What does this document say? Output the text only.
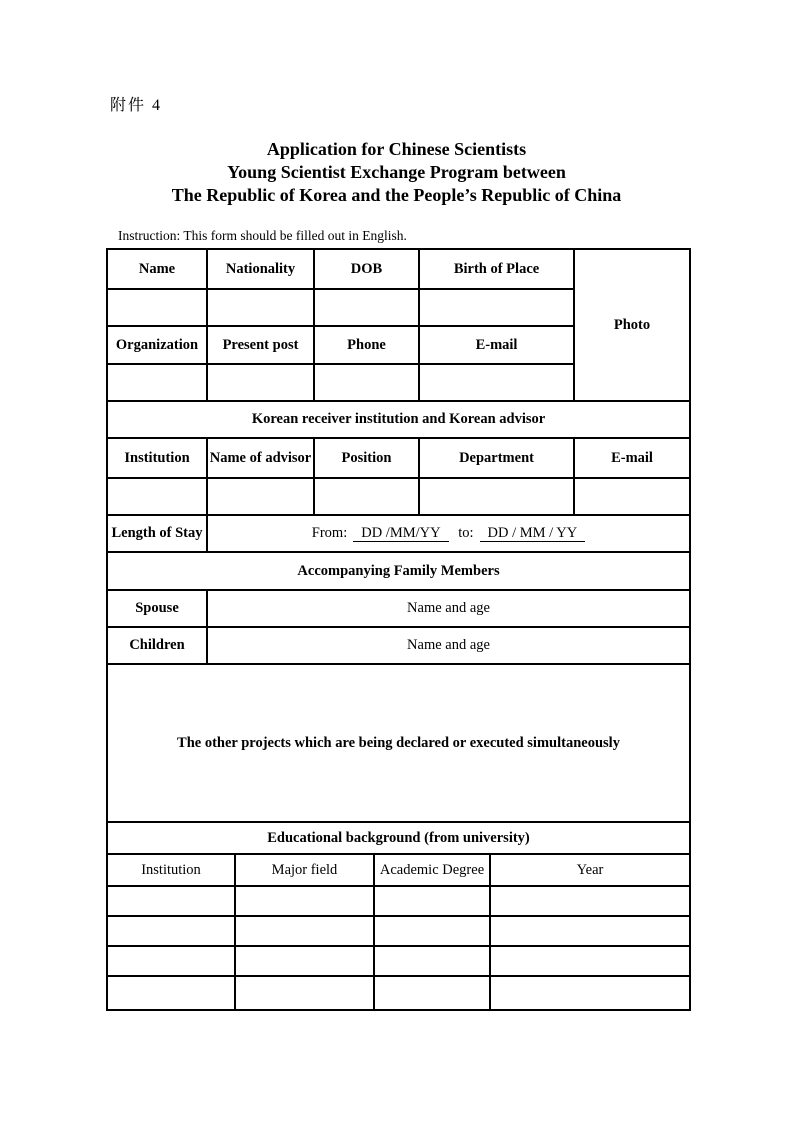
附件 4
Application for Chinese Scientists
Young Scientist Exchange Program between
The Republic of Korea and the People’s Republic of China
Instruction: This form should be filled out in English.
Name	Nationality		DOB		Birth of Place		Photo

Organization	Present post		Phone		E-mail		

Korean receiver institution and Korean advisor							
Institution	Name of advisor		Position		Department		E-mail

Length of Stay	From: DD /MM/YY to: DD / MM / YY						
Accompanying Family Members							
Spouse	Name and age						
Children	Name and age						
The other projects which are being declared or executed simultaneously							
Educational background (from university)							
Institution		Major field		Academic Degree		Year	
